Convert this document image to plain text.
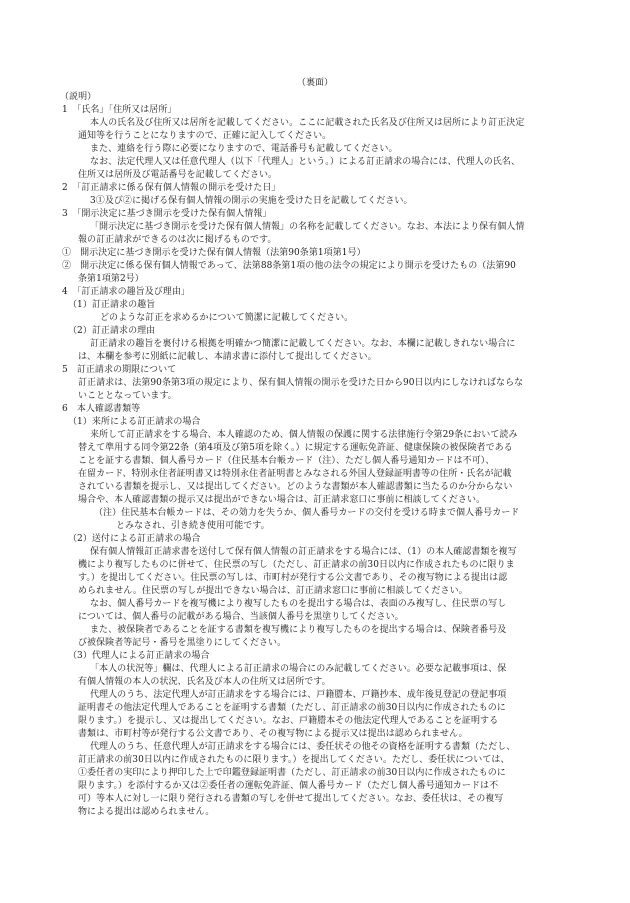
（裏面）
（説明）
1　「氏名」「住所又は居所」
本人の氏名及び住所又は居所を記載してください。ここに記載された氏名及び住所又は居所により訂正決定
通知等を行うことになりますので、正確に記入してください。
また、連絡を行う際に必要になりますので、電話番号も記載してください。
なお、法定代理人又は任意代理人（以下「代理人」という。）による訂正請求の場合には、代理人の氏名、
住所又は居所及び電話番号を記載してください。
2　「訂正請求に係る保有個人情報の開示を受けた日」
3①及び②に掲げる保有個人情報の開示の実施を受けた日を記載してください。
3　「開示決定に基づき開示を受けた保有個人情報」
「開示決定に基づき開示を受けた保有個人情報」の名称を記載してください。なお、本法により保有個人情
報の訂正請求ができるのは次に掲げるものです。
①　開示決定に基づき開示を受けた保有個人情報（法第90条第1項第1号）
②　開示決定に係る保有個人情報であって、法第88条第1項の他の法令の規定により開示を受けたもの（法第90
条第1項第2号）
4　「訂正請求の趣旨及び理由」
（1）訂正請求の趣旨
どのような訂正を求めるかについて簡潔に記載してください。
（2）訂正請求の理由
訂正請求の趣旨を裏付ける根拠を明確かつ簡潔に記載してください。なお、本欄に記載しきれない場合に
は、本欄を参考に別紙に記載し、本請求書に添付して提出してください。
5　訂正請求の期限について
訂正請求は、法第90条第3項の規定により、保有個人情報の開示を受けた日から90日以内にしなければならな
いこととなっています。
6　本人確認書類等
（1）来所による訂正請求の場合
来所して訂正請求をする場合、本人確認のため、個人情報の保護に関する法律施行令第29条において読み
替えて準用する同令第22条（第4項及び第5項を除く。）に規定する運転免許証、健康保険の被保険者である
ことを証する書類、個人番号カード（住民基本台帳カード（注）、ただし個人番号通知カードは不可）、
在留カード、特別永住者証明書又は特別永住者証明書とみなされる外国人登録証明書等の住所・氏名が記載
されている書類を提示し、又は提出してください。どのような書類が本人確認書類に当たるのか分からない
場合や、本人確認書類の提示又は提出ができない場合は、訂正請求窓口に事前に相談してください。
（注）住民基本台帳カードは、その効力を失うか、個人番号カードの交付を受ける時まで個人番号カード
とみなされ、引き続き使用可能です。
（2）送付による訂正請求の場合
保有個人情報訂正請求書を送付して保有個人情報の訂正請求をする場合には、（1）の本人確認書類を複写
機により複写したものに併せて、住民票の写し（ただし、訂正請求の前30日以内に作成されたものに限りま
す。）を提出してください。住民票の写しは、市町村が発行する公文書であり、その複写物による提出は認
められません。住民票の写しが提出できない場合は、訂正請求窓口に事前に相談してください。
なお、個人番号カードを複写機により複写したものを提出する場合は、表面のみ複写し、住民票の写し
については、個人番号の記載がある場合、当該個人番号を黒塗りしてください。
また、被保険者であることを証する書類を複写機により複写したものを提出する場合は、保険者番号及
び被保険者等記号・番号を黒塗りにしてください。
（3）代理人による訂正請求の場合
「本人の状況等」欄は、代理人による訂正請求の場合にのみ記載してください。必要な記載事項は、保
有個人情報の本人の状況、氏名及び本人の住所又は居所です。
代理人のうち、法定代理人が訂正請求をする場合には、戸籍謄本、戸籍抄本、成年後見登記の登記事項
証明書その他法定代理人であることを証明する書類（ただし、訂正請求の前30日以内に作成されたものに
限ります。）を提示し、又は提出してください。なお、戸籍謄本その他法定代理人であることを証明する
書類は、市町村等が発行する公文書であり、その複写物による提示又は提出は認められません。
代理人のうち、任意代理人が訂正請求をする場合には、委任状その他その資格を証明する書類（ただし、
訂正請求の前30日以内に作成されたものに限ります。）を提出してください。ただし、委任状については、
①委任者の実印により押印した上で印鑑登録証明書（ただし、訂正請求の前30日以内に作成されたものに
限ります。）を添付するか又は②委任者の運転免許証、個人番号カード（ただし個人番号通知カードは不
可）等本人に対し一に限り発行される書類の写しを併せて提出してください。なお、委任状は、その複写
物による提出は認められません。
